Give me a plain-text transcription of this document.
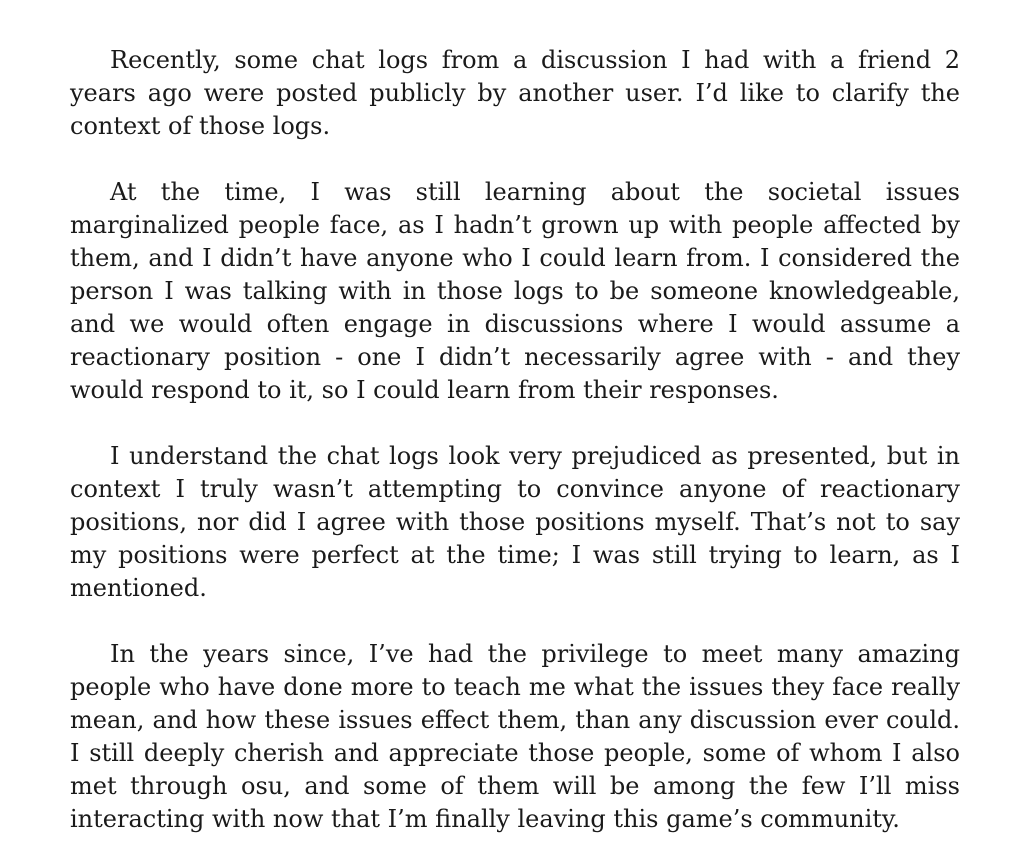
Recently, some chat logs from a discussion I had with a friend 2 years ago were posted publicly by another user. I’d like to clarify the context of those logs.

At the time, I was still learning about the societal issues marginalized people face, as I hadn’t grown up with people affected by them, and I didn’t have anyone who I could learn from. I considered the person I was talking with in those logs to be someone knowledgeable, and we would often engage in discussions where I would assume a reactionary position - one I didn’t necessarily agree with - and they would respond to it, so I could learn from their responses.

I understand the chat logs look very prejudiced as presented, but in context I truly wasn’t attempting to convince anyone of reactionary positions, nor did I agree with those positions myself. That’s not to say my positions were perfect at the time; I was still trying to learn, as I mentioned.

In the years since, I’ve had the privilege to meet many amazing people who have done more to teach me what the issues they face really mean, and how these issues effect them, than any discussion ever could. I still deeply cherish and appreciate those people, some of whom I also met through osu, and some of them will be among the few I’ll miss interacting with now that I’m finally leaving this game’s community.
